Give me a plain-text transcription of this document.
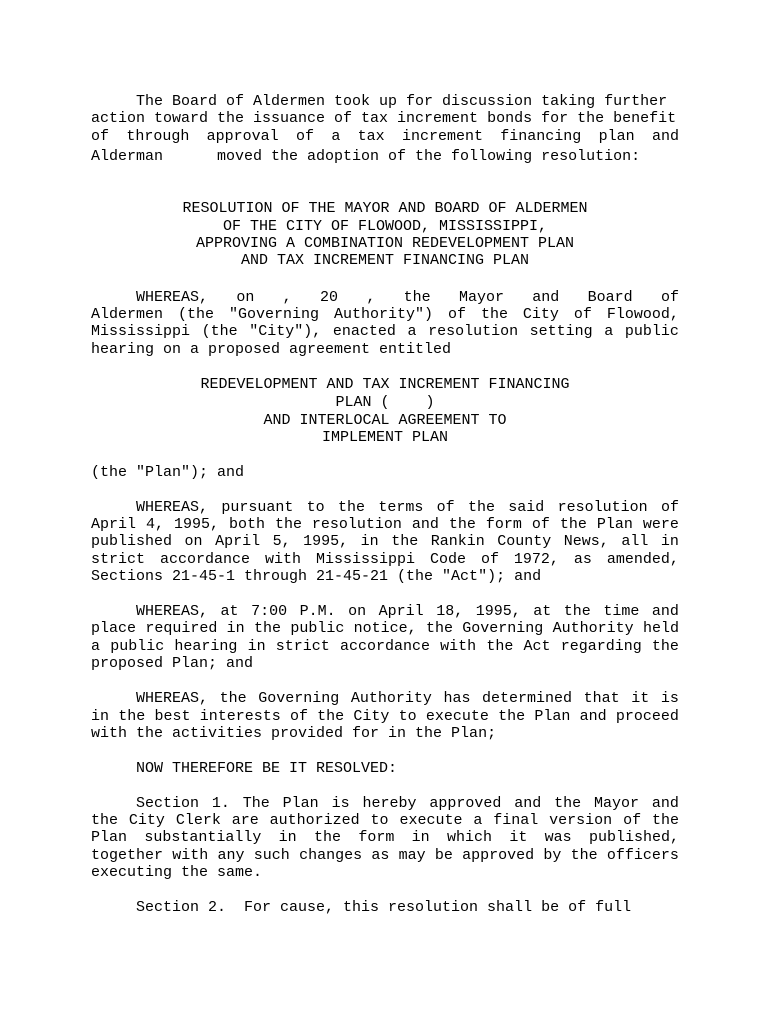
The Board of Aldermen took up for discussion taking further
action toward the issuance of tax increment bonds for the benefit
of through approval of a tax increment financing plan and
Alderman      moved the adoption of the following resolution:
RESOLUTION OF THE MAYOR AND BOARD OF ALDERMEN
OF THE CITY OF FLOWOOD, MISSISSIPPI,
APPROVING A COMBINATION REDEVELOPMENT PLAN
AND TAX INCREMENT FINANCING PLAN
WHEREAS, on , 20 , the Mayor and Board of
Aldermen (the "Governing Authority") of the City of Flowood,
Mississippi (the "City"), enacted a resolution setting a public
hearing on a proposed agreement entitled
REDEVELOPMENT AND TAX INCREMENT FINANCING
PLAN (    )
AND INTERLOCAL AGREEMENT TO
IMPLEMENT PLAN
(the "Plan"); and
WHEREAS, pursuant to the terms of the said resolution of
April 4, 1995, both the resolution and the form of the Plan were
published on April 5, 1995, in the Rankin County News, all in
strict accordance with Mississippi Code of 1972, as amended,
Sections 21-45-1 through 21-45-21 (the "Act"); and
WHEREAS, at 7:00 P.M. on April 18, 1995, at the time and
place required in the public notice, the Governing Authority held
a public hearing in strict accordance with the Act regarding the
proposed Plan; and
WHEREAS, the Governing Authority has determined that it is
in the best interests of the City to execute the Plan and proceed
with the activities provided for in the Plan;
NOW THEREFORE BE IT RESOLVED:
Section 1. The Plan is hereby approved and the Mayor and
the City Clerk are authorized to execute a final version of the
Plan substantially in the form in which it was published,
together with any such changes as may be approved by the officers
executing the same.
Section 2.  For cause, this resolution shall be of full
